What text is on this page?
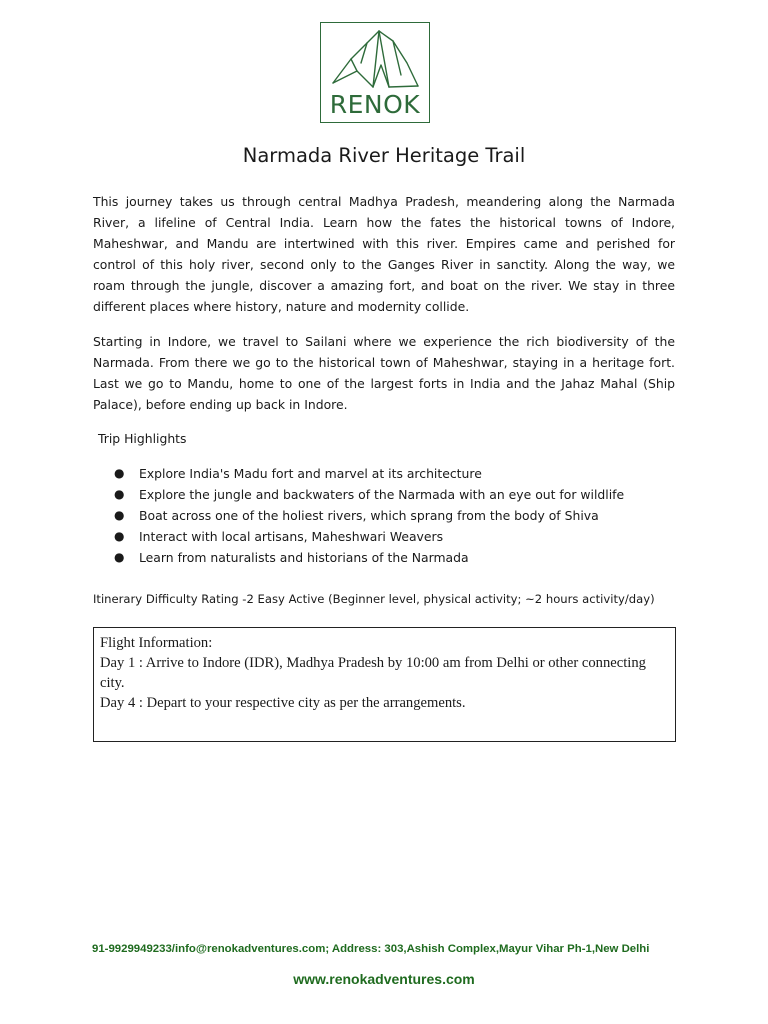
RENOK
Narmada River Heritage Trail

This journey takes us through central Madhya Pradesh, meandering along the Narmada River, a lifeline of Central India. Learn how the fates the historical towns of Indore, Maheshwar, and Mandu are intertwined with this river. Empires came and perished for control of this holy river, second only to the Ganges River in sanctity. Along the way, we roam through the jungle, discover a amazing fort, and boat on the river. We stay in three different places where history, nature and modernity collide.

Starting in Indore, we travel to Sailani where we experience the rich biodiversity of the Narmada. From there we go to the historical town of Maheshwar, staying in a heritage fort. Last we go to Mandu, home to one of the largest forts in India and the Jahaz Mahal (Ship Palace), before ending up back in Indore.

Trip Highlights
● Explore India's Madu fort and marvel at its architecture
● Explore the jungle and backwaters of the Narmada with an eye out for wildlife
● Boat across one of the holiest rivers, which sprang from the body of Shiva
● Interact with local artisans, Maheshwari Weavers
● Learn from naturalists and historians of the Narmada
Itinerary Difficulty Rating -2 Easy Active (Beginner level, physical activity; ~2 hours activity/day)
Flight Information:
Day 1 : Arrive to Indore (IDR), Madhya Pradesh by 10:00 am from Delhi or other connecting city.
Day 4 : Depart to your respective city as per the arrangements.
91-9929949233/info@renokadventures.com; Address: 303,Ashish Complex,Mayur Vihar Ph-1,New Delhi
www.renokadventures.com
